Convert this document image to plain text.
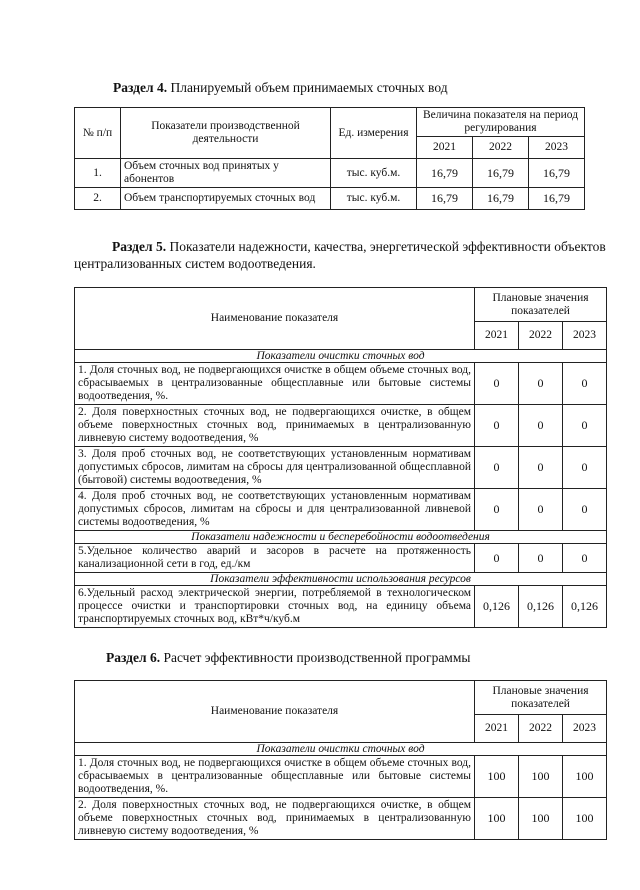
Раздел 4. Планируемый объем принимаемых сточных вод
№ п/п	Показатели производственной деятельности	Ед. измерения	Величина показателя на период регулирования		
			2021	2022	2023
1.	Объем сточных вод принятых у абонентов	тыс. куб.м.	16,79	16,79	16,79
2.	Объем транспортируемых сточных вод	тыс. куб.м.	16,79	16,79	16,79
Раздел 5. Показатели надежности, качества, энергетической эффективности объектов централизованных систем водоотведения.
Наименование показателя	Плановые значения показателей		
	2021	2022	2023
Показатели очистки сточных вод			
1. Доля сточных вод, не подвергающихся очистке в общем объеме сточных вод, сбрасываемых в централизованные общесплавные или бытовые системы водоотведения, %.	0	0	0
2. Доля поверхностных сточных вод, не подвергающихся очистке, в общем объеме поверхностных сточных вод, принимаемых в централизованную ливневую систему водоотведения, %	0	0	0
3. Доля проб сточных вод, не соответствующих установленным нормативам допустимых сбросов, лимитам на сбросы для централизованной общесплавной (бытовой) системы водоотведения, %	0	0	0
4. Доля проб сточных вод, не соответствующих установленным нормативам допустимых сбросов, лимитам на сбросы и для централизованной ливневой системы водоотведения, %	0	0	0
Показатели надежности и бесперебойности водоотведения			
5.Удельное количество аварий и засоров в расчете на протяженность канализационной сети в год, ед./км	0	0	0
Показатели эффективности использования ресурсов			
6.Удельный расход электрической энергии, потребляемой в технологическом процессе очистки и транспортировки сточных вод, на единицу объема транспортируемых сточных вод, кВт*ч/куб.м	0,126	0,126	0,126
Раздел 6. Расчет эффективности производственной программы
Наименование показателя	Плановые значения показателей		
	2021	2022	2023
Показатели очистки сточных вод			
1. Доля сточных вод, не подвергающихся очистке в общем объеме сточных вод, сбрасываемых в централизованные общесплавные или бытовые системы водоотведения, %.	100	100	100
2. Доля поверхностных сточных вод, не подвергающихся очистке, в общем объеме поверхностных сточных вод, принимаемых в централизованную ливневую систему водоотведения, %	100	100	100
